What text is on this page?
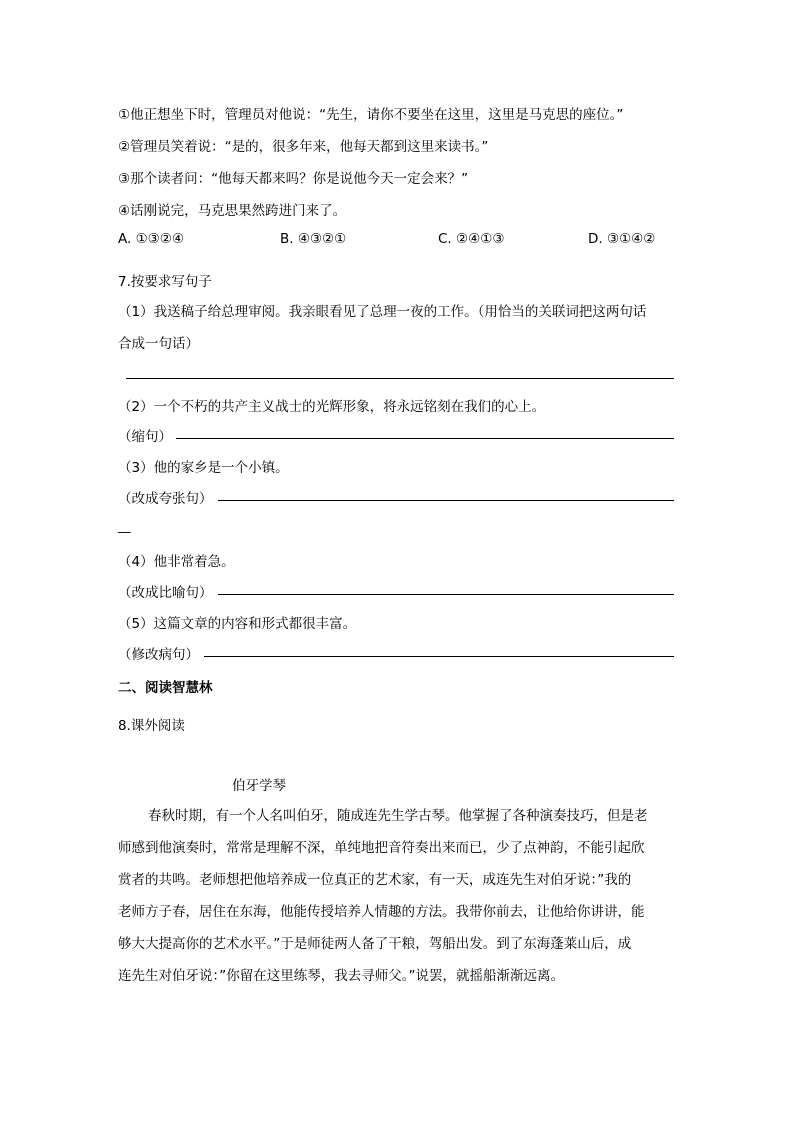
①他正想坐下时，管理员对他说：“先生，请你不要坐在这里，这里是马克思的座位。”
②管理员笑着说：“是的，很多年来，他每天都到这里来读书。”
③那个读者问：“他每天都来吗？你是说他今天一定会来？”
④话刚说完，马克思果然跨进门来了。
A. ①③②④	B. ④③②①	C. ②④①③	D. ③①④②
7.按要求写句子
（1）我送稿子给总理审阅。我亲眼看见了总理一夜的工作。（用恰当的关联词把这两句话
合成一句话）
（2）一个不朽的共产主义战士的光辉形象，将永远铭刻在我们的心上。
（缩句）
（3）他的家乡是一个小镇。
（改成夸张句）
__
（4）他非常着急。
（改成比喻句）
（5）这篇文章的内容和形式都很丰富。
（修改病句）
二、阅读智慧林
8.课外阅读
伯牙学琴
春秋时期，有一个人名叫伯牙，随成连先生学古琴。他掌握了各种演奏技巧，但是老
师感到他演奏时，常常是理解不深，单纯地把音符奏出来而已，少了点神韵，不能引起欣
赏者的共鸣。老师想把他培养成一位真正的艺术家，有一天，成连先生对伯牙说：”我的
老师方子春，居住在东海，他能传授培养人情趣的方法。我带你前去，让他给你讲讲，能
够大大提高你的艺术水平。”于是师徒两人备了干粮，驾船出发。到了东海蓬莱山后，成
连先生对伯牙说：”你留在这里练琴，我去寻师父。”说罢，就摇船渐渐远离。
